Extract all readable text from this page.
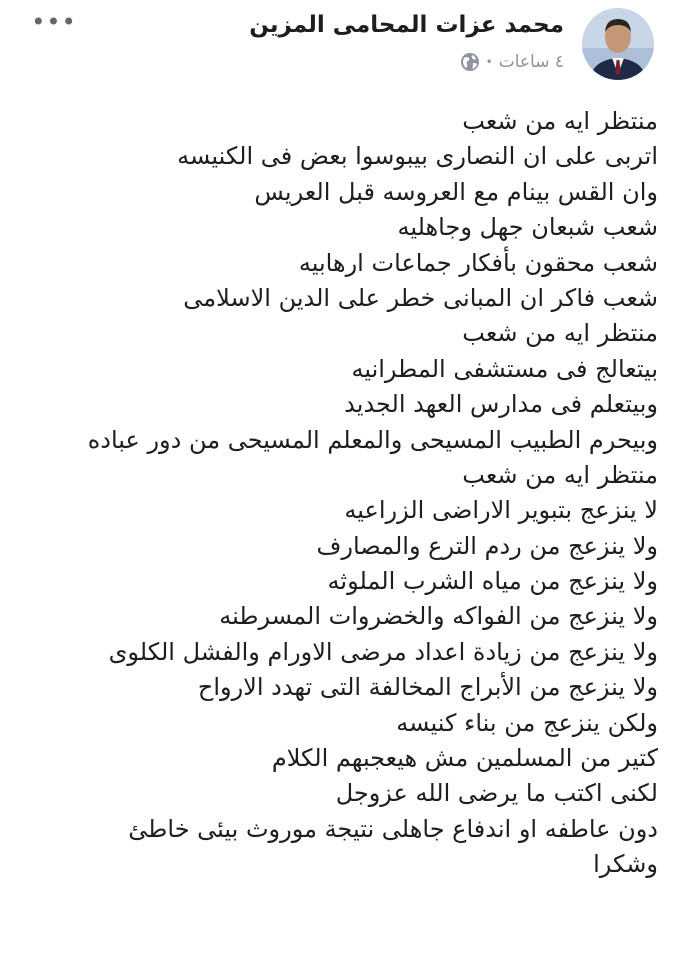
محمد عزات المحامى المزين
٤ ساعات
•
•••
منتظر ايه من شعب
اتربى على ان النصارى بيبوسوا بعض فى الكنيسه
وان القس بينام مع العروسه قبل العريس
شعب شبعان جهل وجاهليه
شعب محقون بأفكار جماعات ارهابيه
شعب فاكر ان المبانى خطر على الدين الاسلامى
منتظر ايه من شعب
بيتعالج فى مستشفى المطرانيه
وبيتعلم فى مدارس العهد الجديد
وبيحرم الطبيب المسيحى والمعلم المسيحى من دور عباده
منتظر ايه من شعب
لا ينزعج بتبوير الاراضى الزراعيه
ولا ينزعج من ردم الترع والمصارف
ولا ينزعج من مياه الشرب الملوثه
ولا ينزعج من الفواكه والخضروات المسرطنه
ولا ينزعج من زيادة اعداد مرضى الاورام والفشل الكلوى
ولا ينزعج من الأبراج المخالفة التى تهدد الارواح
ولكن ينزعج من بناء كنيسه
كتير من المسلمين مش هيعجبهم الكلام
لكنى اكتب ما يرضى الله عزوجل
دون عاطفه او اندفاع جاهلى نتيجة موروث بيئى خاطئ
وشكرا
